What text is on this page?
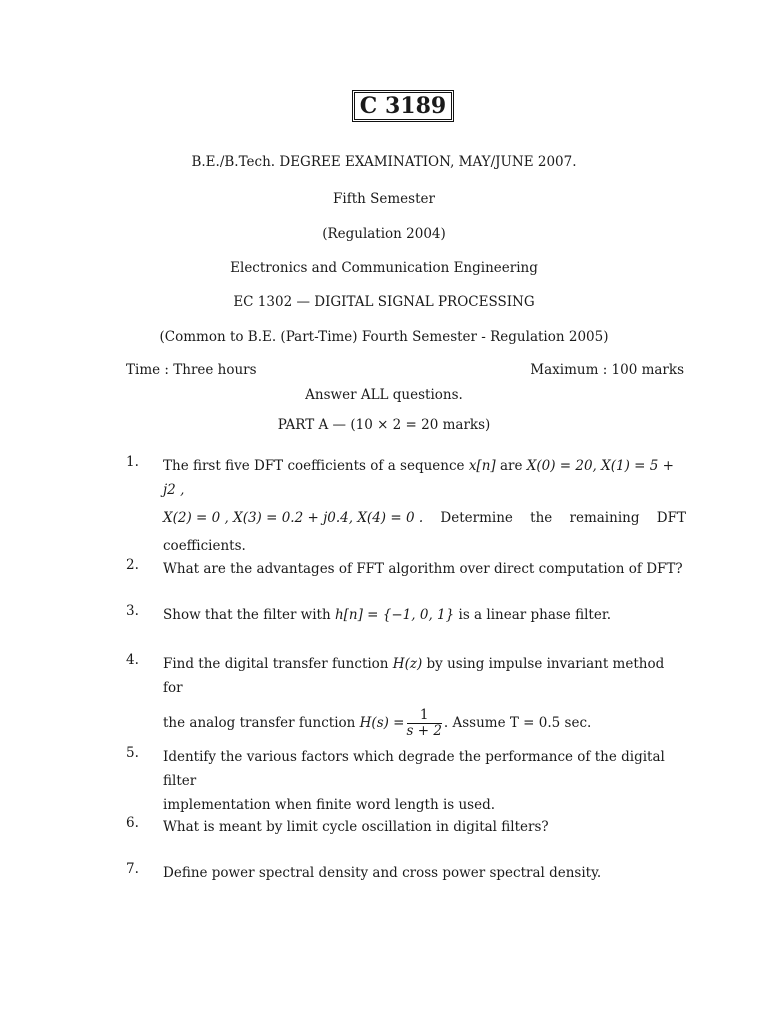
C 3189
B.E./B.Tech. DEGREE EXAMINATION, MAY/JUNE 2007.
Fifth Semester
(Regulation 2004)
Electronics and Communication Engineering
EC 1302 — DIGITAL SIGNAL PROCESSING
(Common to B.E. (Part-Time) Fourth Semester - Regulation 2005)
Time : Three hours	Maximum : 100 marks
Answer ALL questions.
PART A — (10 × 2 = 20 marks)
1. The first five DFT coefficients of a sequence x[n] are X(0) = 20, X(1) = 5 + j2 ,
X(2) = 0 , X(3) = 0.2 + j0.4, X(4) = 0 . Determine the remaining DFT
coefficients.
2. What are the advantages of FFT algorithm over direct computation of DFT?
3. Show that the filter with h[n] = {−1, 0, 1} is a linear phase filter.
4. Find the digital transfer function H(z) by using impulse invariant method for
the analog transfer function $H(s) = \frac{1}{s + 2}$ . Assume T = 0.5 sec.
5. Identify the various factors which degrade the performance of the digital filter
implementation when finite word length is used.
6. What is meant by limit cycle oscillation in digital filters?
7. Define power spectral density and cross power spectral density.
